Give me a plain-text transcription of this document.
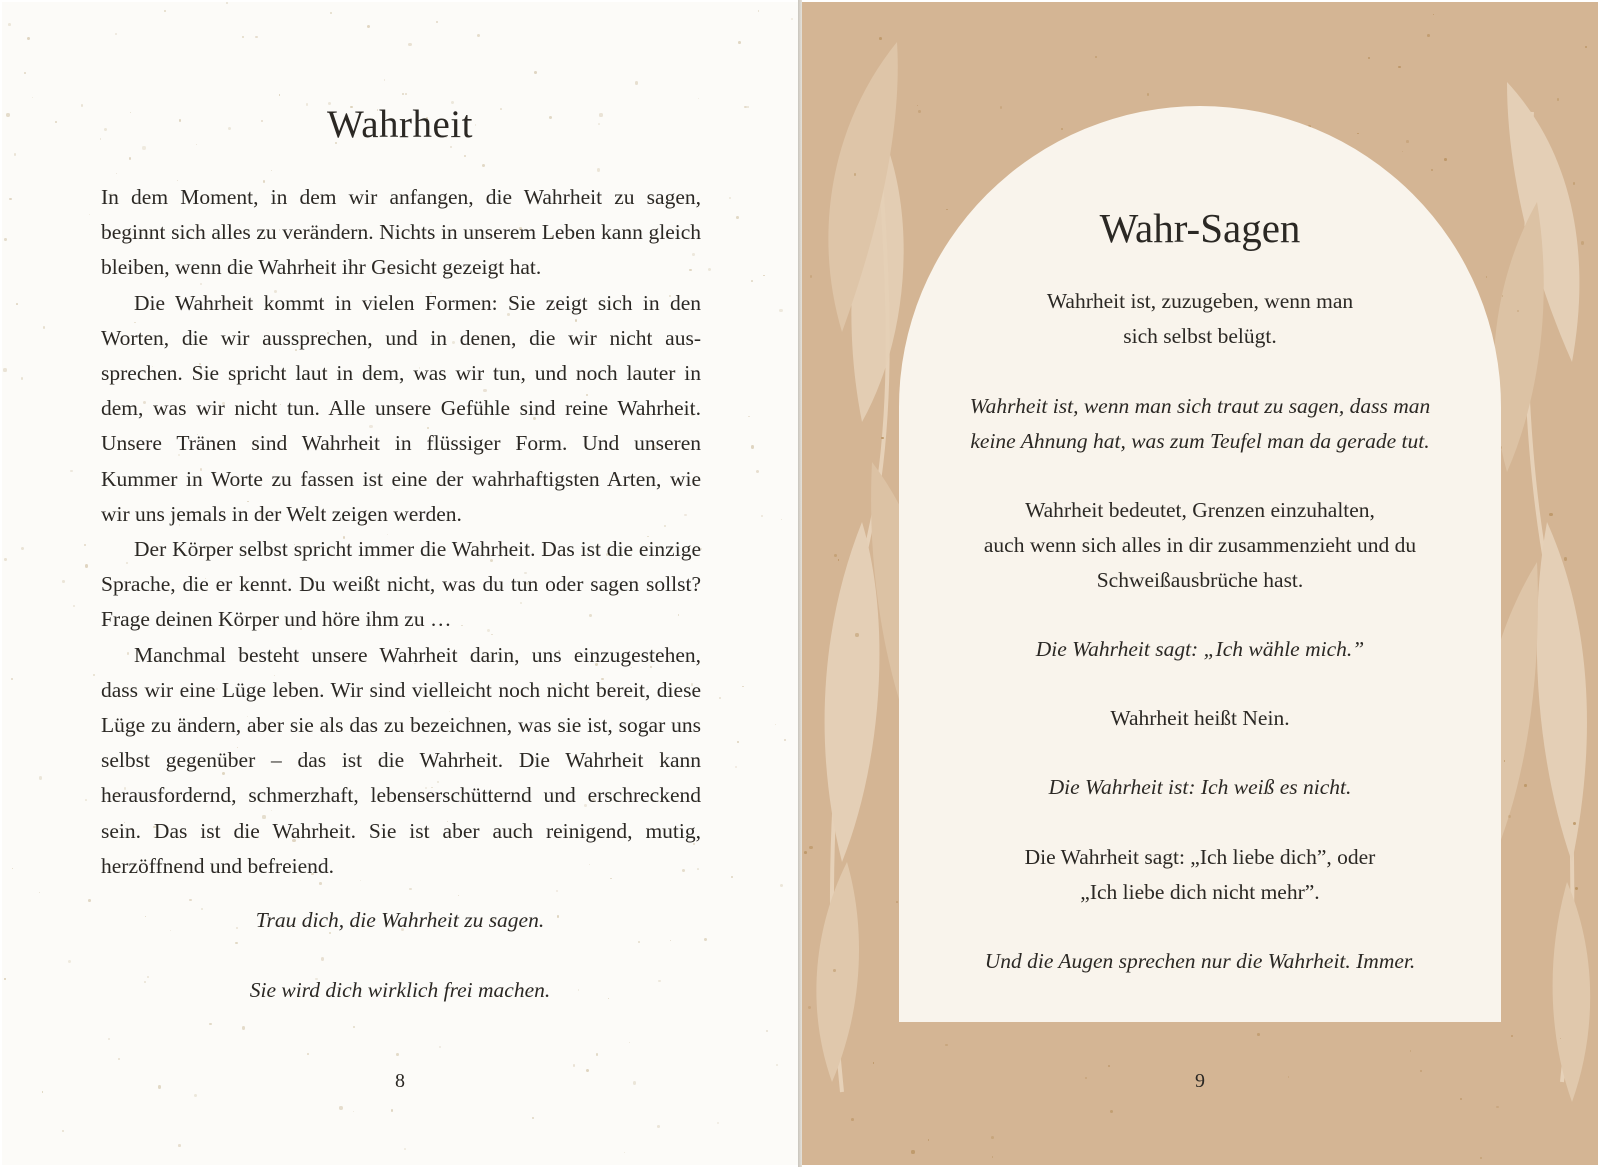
Wahrheit

In dem Moment, in dem wir anfangen, die Wahrheit zu sagen, beginnt sich alles zu verändern. Nichts in unserem Leben kann gleich bleiben, wenn die Wahrheit ihr Gesicht gezeigt hat.

Die Wahrheit kommt in vielen Formen: Sie zeigt sich in den Worten, die wir aussprechen, und in denen, die wir nicht aussprechen. Sie spricht laut in dem, was wir tun, und noch lauter in dem, was wir nicht tun. Alle unsere Gefühle sind reine Wahrheit. Unsere Tränen sind Wahrheit in flüssiger Form. Und unseren Kummer in Worte zu fassen ist eine der wahrhaftigsten Arten, wie wir uns jemals in der Welt zeigen werden.

Der Körper selbst spricht immer die Wahrheit. Das ist die einzige Sprache, die er kennt. Du weißt nicht, was du tun oder sagen sollst? Frage deinen Körper und höre ihm zu …

Manchmal besteht unsere Wahrheit darin, uns einzugestehen, dass wir eine Lüge leben. Wir sind vielleicht noch nicht bereit, diese Lüge zu ändern, aber sie als das zu bezeichnen, was sie ist, sogar uns selbst gegenüber – das ist die Wahrheit. Die Wahrheit kann herausfordernd, schmerzhaft, lebenserschütternd und erschreckend sein. Das ist die Wahrheit. Sie ist aber auch reinigend, mutig, herzöffnend und befreiend.

Trau dich, die Wahrheit zu sagen.
Sie wird dich wirklich frei machen.
8
Wahr-Sagen
Wahrheit ist, zuzugeben, wenn man
sich selbst belügt.
Wahrheit ist, wenn man sich traut zu sagen, dass man
keine Ahnung hat, was zum Teufel man da gerade tut.
Wahrheit bedeutet, Grenzen einzuhalten,
auch wenn sich alles in dir zusammenzieht und du
Schweißausbrüche hast.
Die Wahrheit sagt: „Ich wähle mich.”
Wahrheit heißt Nein.
Die Wahrheit ist: Ich weiß es nicht.
Die Wahrheit sagt: „Ich liebe dich”, oder
„Ich liebe dich nicht mehr”.
Und die Augen sprechen nur die Wahrheit. Immer.
9
